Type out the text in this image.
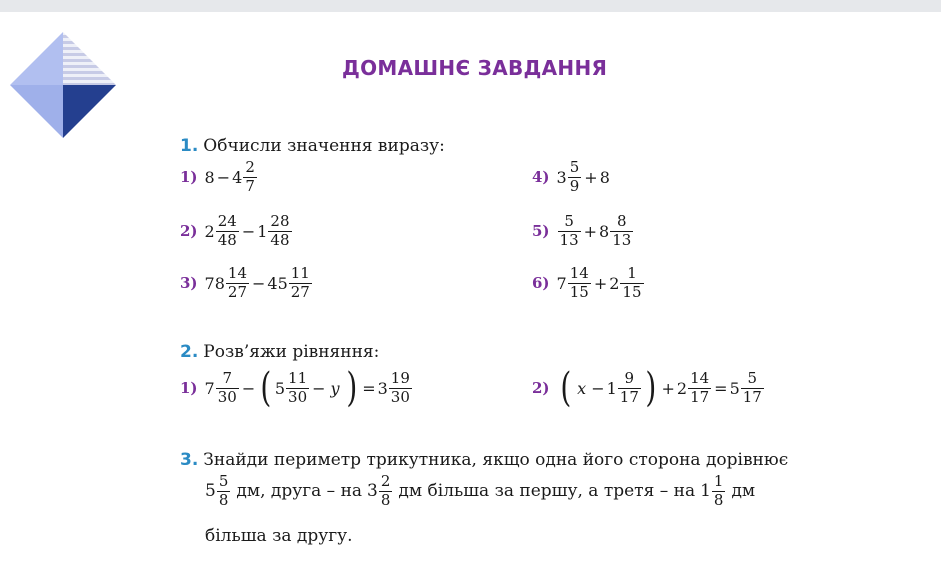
ДОМАШНЄ ЗАВДАННЯ
1. Обчисли значення виразу:
1) $8 - 4 \frac{2}{7}$
2) $2 \frac{24}{48} - 1 \frac{28}{48}$
3) $78 \frac{14}{27} - 45 \frac{11}{27}$
4) $3 \frac{5}{9} + 8$
$5) \frac{5}{13} + 8 \frac{8}{13}$
6) $7 \frac{14}{15} + 2 \frac{1}{15}$
2. Розв’яжи рівняння:
1) $7 \frac{7}{30}$ − ( $5 \frac{11}{30} - y$ ) = $3 \frac{19}{30}$	2) ( $x - 1 \frac{9}{17}$ ) + $2 \frac{14}{17} = 5 \frac{5}{17}$
3. Знайди периметр трикутника, якщо одна його сторона дорівнює
$5 \frac{5}{8}$ дм, друга – на $3 \frac{2}{8}$ дм більша за першу, а третя – на $1 \frac{1}{8}$ дм
більша за другу.
